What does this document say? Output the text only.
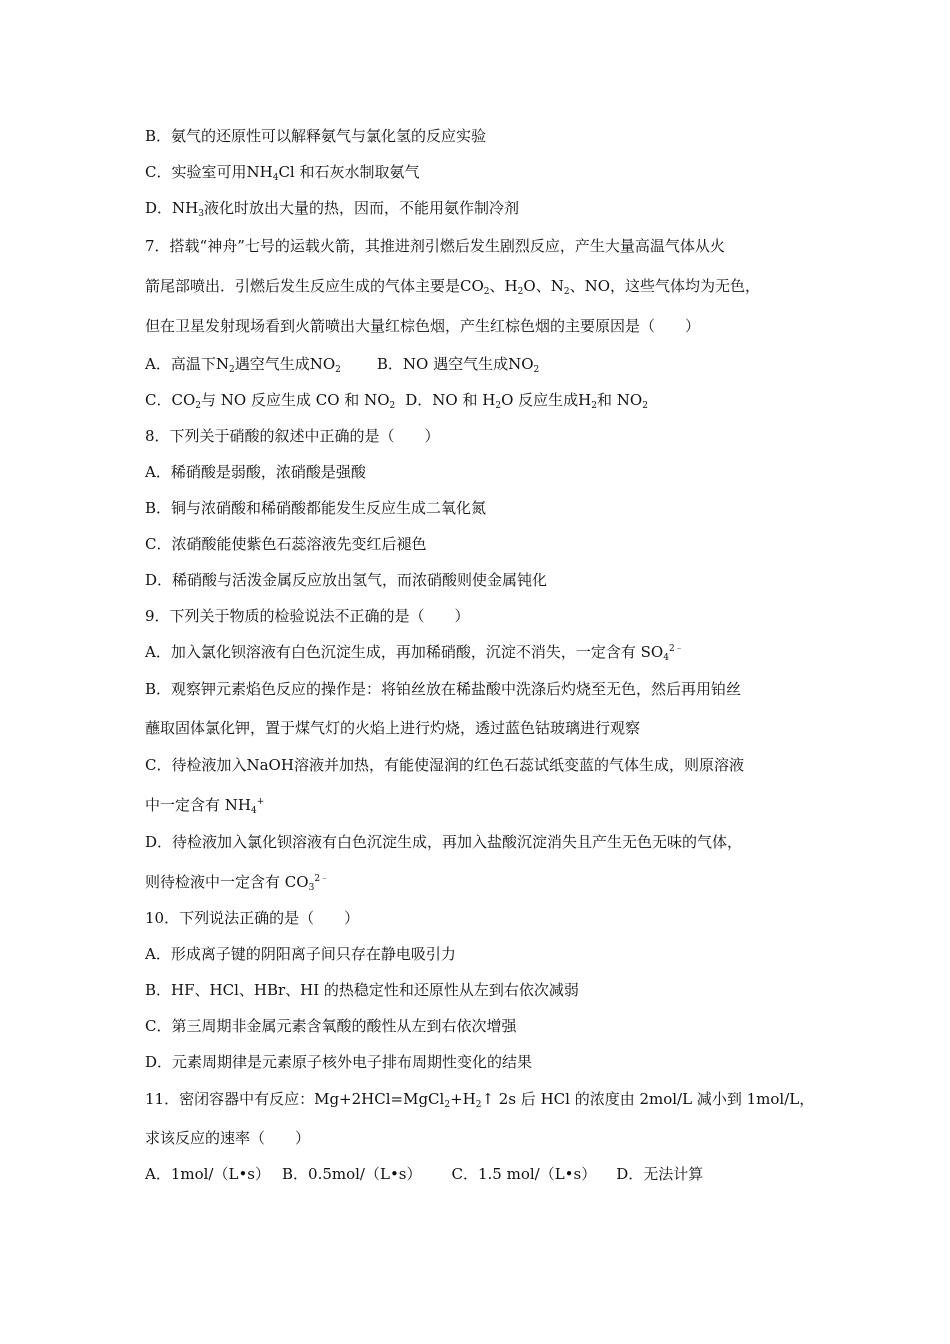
B．氨气的还原性可以解释氨气与氯化氢的反应实验
C．实验室可用$NH_4Cl$ 和石灰水制取氨气
D．$NH_3$液化时放出大量的热，因而，不能用氨作制冷剂
7．搭载“神舟”七号的运载火箭，其推进剂引燃后发生剧烈反应，产生大量高温气体从火
箭尾部喷出．引燃后发生反应生成的气体主要是$CO_2$、$H_2O$、$N_2$、NO，这些气体均为无色，
但在卫星发射现场看到火箭喷出大量红棕色烟，产生红棕色烟的主要原因是（　　）
A．高温下$N_2$遇空气生成$NO_2$ B．NO 遇空气生成$NO_2$
C．$CO_2$与 NO 反应生成 CO 和 $NO_2$ D．NO 和 $H_2O$ 反应生成$H_2$和 $NO_2$
8．下列关于硝酸的叙述中正确的是（　　）
A．稀硝酸是弱酸，浓硝酸是强酸
B．铜与浓硝酸和稀硝酸都能发生反应生成二氧化氮
C．浓硝酸能使紫色石蕊溶液先变红后褪色
D．稀硝酸与活泼金属反应放出氢气，而浓硝酸则使金属钝化
9．下列关于物质的检验说法不正确的是（　　）
A．加入氯化钡溶液有白色沉淀生成，再加稀硝酸，沉淀不消失，一定含有 $SO_4^{2﹣}$
B．观察钾元素焰色反应的操作是：将铂丝放在稀盐酸中洗涤后灼烧至无色，然后再用铂丝
蘸取固体氯化钾，置于煤气灯的火焰上进行灼烧，透过蓝色钴玻璃进行观察
C．待检液加入NaOH溶液并加热，有能使湿润的红色石蕊试纸变蓝的气体生成，则原溶液
中一定含有 $NH_4^+$
D．待检液加入氯化钡溶液有白色沉淀生成，再加入盐酸沉淀消失且产生无色无味的气体，
则待检液中一定含有 $CO_3^{2﹣}$
10．下列说法正确的是（　　）
A．形成离子键的阴阳离子间只存在静电吸引力
B．HF、HCl、HBr、HI 的热稳定性和还原性从左到右依次减弱
C．第三周期非金属元素含氧酸的酸性从左到右依次增强
D．元素周期律是元素原子核外电子排布周期性变化的结果
11．密闭容器中有反应：$Mg+2HCl=MgCl_2+H_2↑$ 2s 后 HCl 的浓度由 2mol/L 减小到 1mol/L，
求该反应的速率（　　）
A．1mol/（L•s） B．0.5mol/（L•s） C．1.5 mol/（L•s） D．无法计算
